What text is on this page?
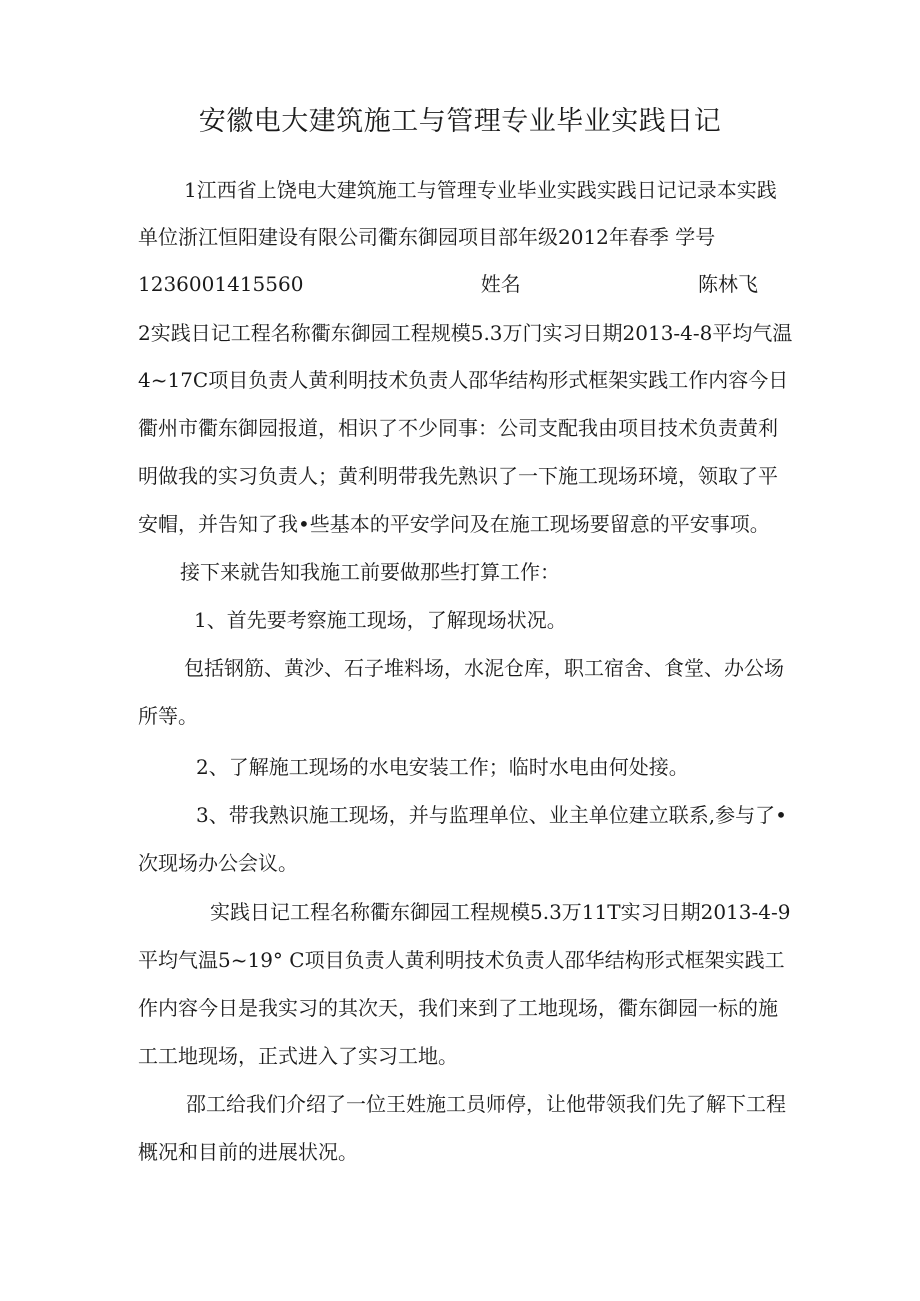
安徽电大建筑施工与管理专业毕业实践日记
1江西省上饶电大建筑施工与管理专业毕业实践实践日记记录本实践
单位浙江恒阳建设有限公司衢东御园项目部年级2012年春季 学号
1236001415560	姓名	陈林飞
2实践日记工程名称衢东御园工程规模5.3万门实习日期2013-4-8平均气温
4~17C项目负责人黄利明技术负责人邵华结构形式框架实践工作内容今日
衢州市衢东御园报道，相识了不少同事：公司支配我由项目技术负责黄利
明做我的实习负责人；黄利明带我先熟识了一下施工现场环境，领取了平
安帽，并告知了我•些基本的平安学问及在施工现场要留意的平安事项。
接下来就告知我施工前要做那些打算工作：
1、首先要考察施工现场，了解现场状况。
包括钢筋、黄沙、石子堆料场，水泥仓库，职工宿舍、食堂、办公场
所等。
2、了解施工现场的水电安装工作；临时水电由何处接。
3、带我熟识施工现场，并与监理单位、业主单位建立联系,参与了•
次现场办公会议。
实践日记工程名称衢东御园工程规模5.3万11T实习日期2013-4-9
平均气温5~19° C项目负责人黄利明技术负责人邵华结构形式框架实践工
作内容今日是我实习的其次天，我们来到了工地现场，衢东御园一标的施
工工地现场，正式进入了实习工地。
邵工给我们介绍了一位王姓施工员师停，让他带领我们先了解下工程
概况和目前的进展状况。
